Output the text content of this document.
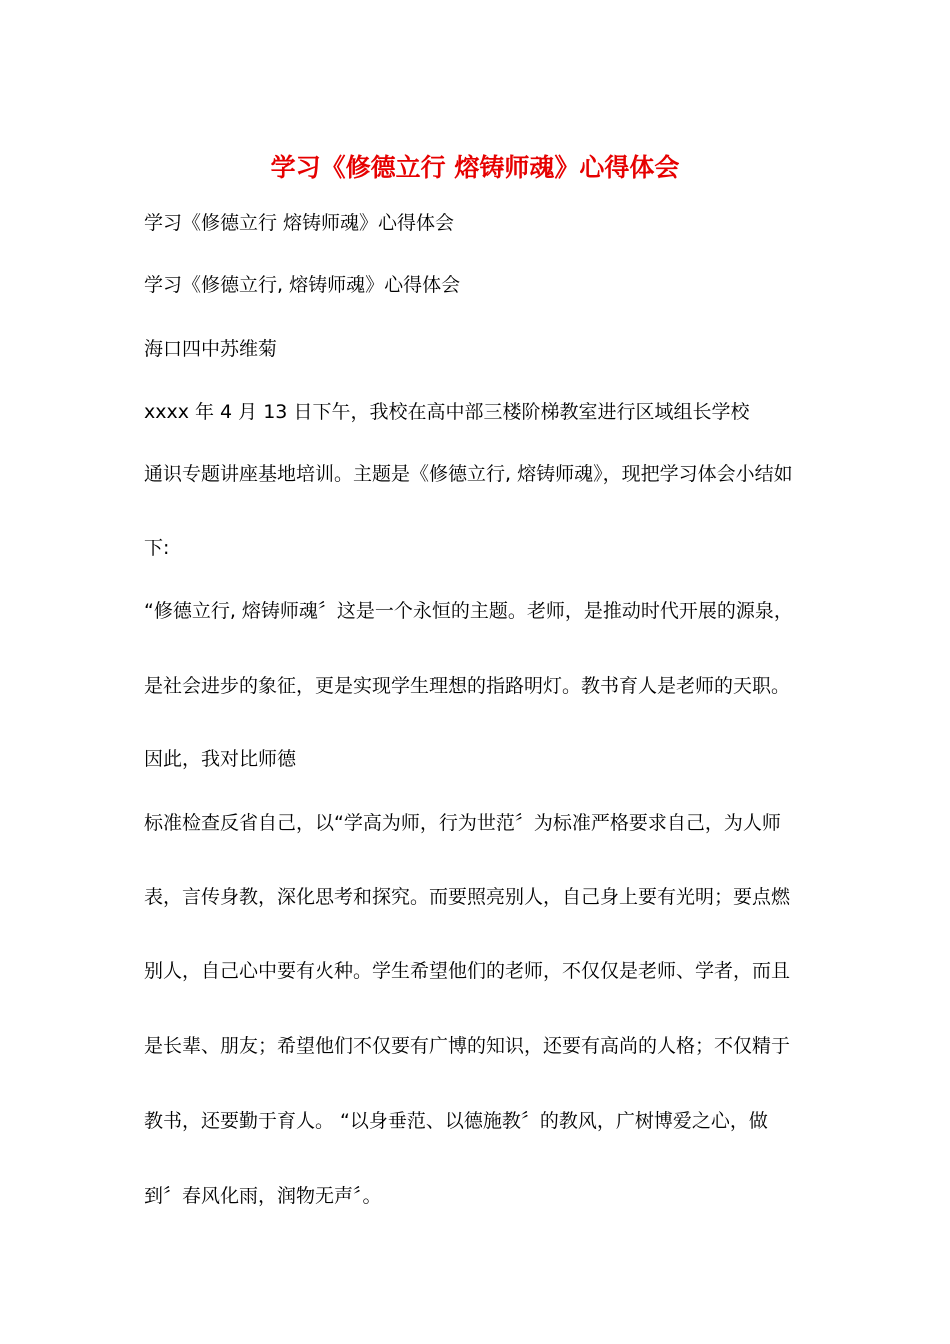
学习《修德立行 熔铸师魂》心得体会
学习《修德立行 熔铸师魂》心得体会
学习《修德立行, 熔铸师魂》心得体会
海口四中苏维菊
xxxx 年 4 月 13 日下午，我校在高中部三楼阶梯教室进行区域组长学校
通识专题讲座基地培训。主题是《修德立行, 熔铸师魂》，现把学习体会小结如
下:
“修德立行, 熔铸师魂〞这是一个永恒的主题。老师，是推动时代开展的源泉，
是社会进步的象征，更是实现学生理想的指路明灯。教书育人是老师的天职。
因此，我对比师德
标准检查反省自己，以“学高为师，行为世范〞为标准严格要求自己，为人师
表，言传身教，深化思考和探究。而要照亮别人，自己身上要有光明；要点燃
别人，自己心中要有火种。学生希望他们的老师，不仅仅是老师、学者，而且
是长辈、朋友；希望他们不仅要有广博的知识，还要有高尚的人格；不仅精于
教书，还要勤于育人。 “以身垂范、以德施教〞的教风，广树博爱之心，做
到〞春风化雨，润物无声〞。
